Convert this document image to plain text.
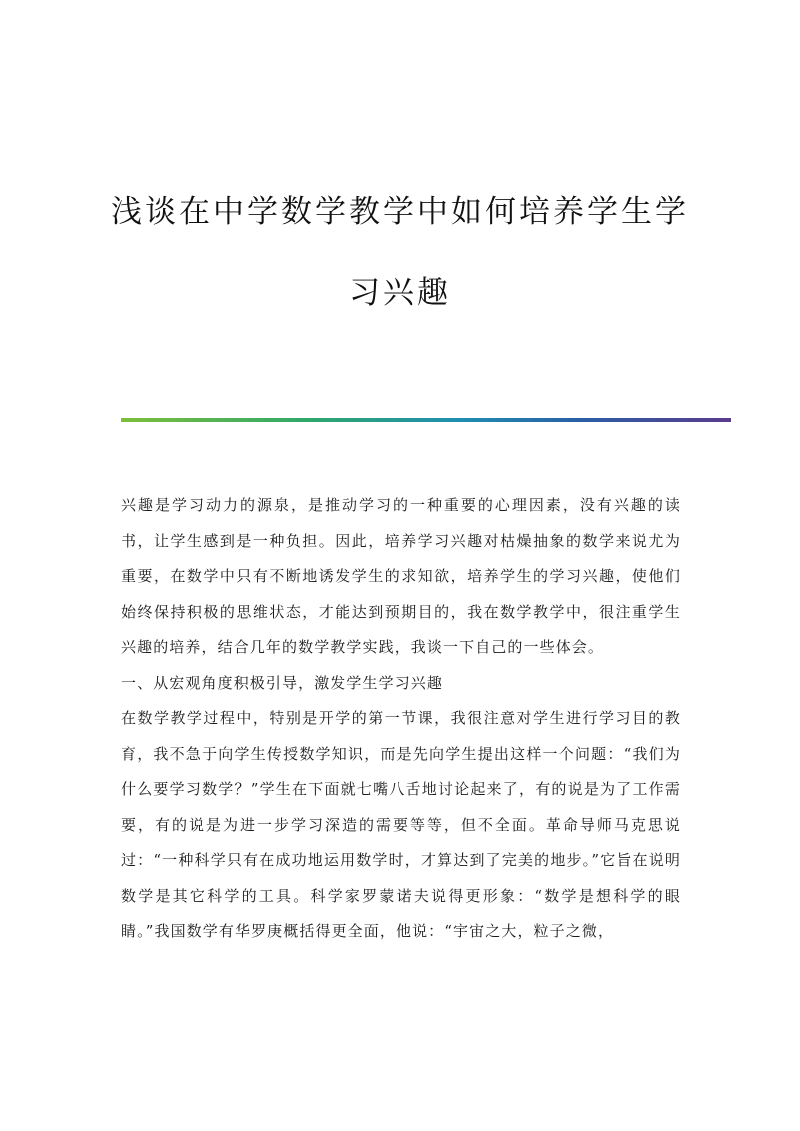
浅谈在中学数学教学中如何培养学生学
习兴趣

兴趣是学习动力的源泉，是推动学习的一种重要的心理因素，没有兴趣的读书，让学生感到是一种负担。因此，培养学习兴趣对枯燥抽象的数学来说尤为重要，在数学中只有不断地诱发学生的求知欲，培养学生的学习兴趣，使他们始终保持积极的思维状态，才能达到预期目的，我在数学教学中，很注重学生兴趣的培养，结合几年的数学教学实践，我谈一下自己的一些体会。

一、从宏观角度积极引导，激发学生学习兴趣

在数学教学过程中，特别是开学的第一节课，我很注意对学生进行学习目的教育，我不急于向学生传授数学知识，而是先向学生提出这样一个问题：“我们为什么要学习数学？”学生在下面就七嘴八舌地讨论起来了，有的说是为了工作需要，有的说是为进一步学习深造的需要等等，但不全面。革命导师马克思说过：“一种科学只有在成功地运用数学时，才算达到了完美的地步。”它旨在说明数学是其它科学的工具。科学家罗蒙诺夫说得更形象：“数学是想科学的眼睛。”我国数学有华罗庚概括得更全面，他说：“宇宙之大，粒子之微，
